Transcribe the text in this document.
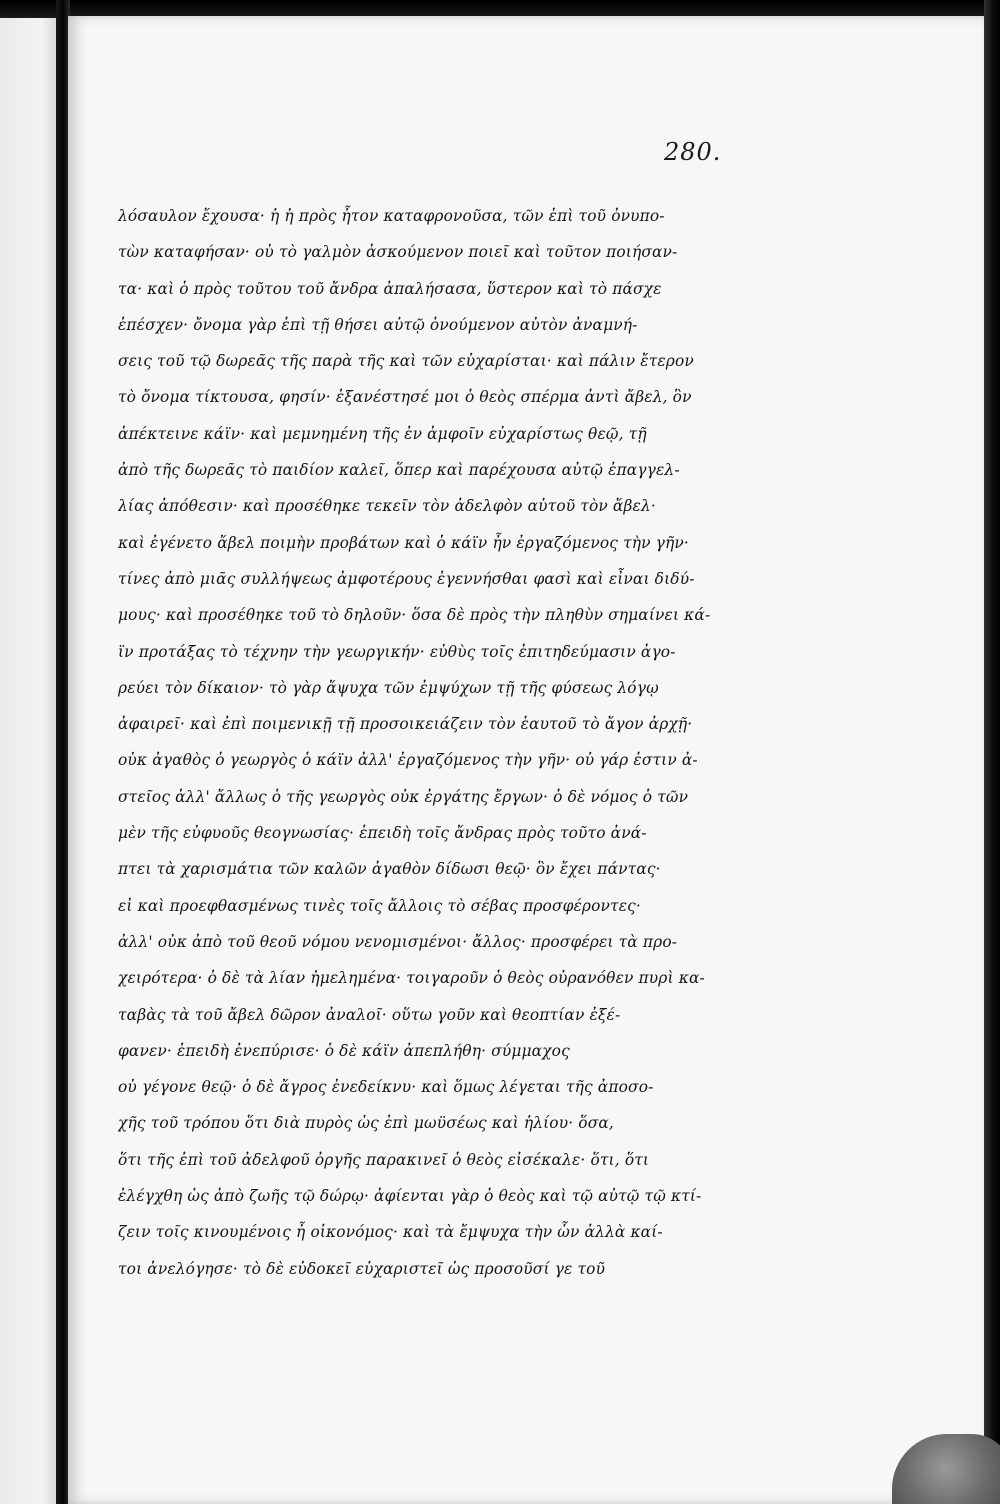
280.
λόσαυλον ἔχουσα· ἡ ἡ πρὸς ἧτον καταφρονοῦσα, τῶν ἐπὶ τοῦ ὀνυπο-
τὼν καταφήσαν· οὐ τὸ γαλμὸν ἀσκούμενον ποιεῖ καὶ τοῦτον ποιήσαν-
τα· καὶ ὁ πρὸς τοῦτου τοῦ ἄνδρα ἀπαλήσασα, ὕστερον καὶ τὸ πάσχε
ἐπέσχεν· ὄνομα γὰρ ἐπὶ τῇ θήσει αὐτῷ ὀνούμενον αὐτὸν ἀναμνή-
σεις τοῦ τῷ δωρεᾶς τῆς παρὰ τῆς καὶ τῶν εὐχαρίσται· καὶ πάλιν ἔτερον
τὸ ὄνομα τίκτουσα, φησίν· ἐξανέστησέ μοι ὁ θεὸς σπέρμα ἀντὶ ἄβελ, ὃν
ἀπέκτεινε κάϊν· καὶ μεμνημένη τῆς ἐν ἀμφοῖν εὐχαρίστως θεῷ, τῇ
ἀπὸ τῆς δωρεᾶς τὸ παιδίον καλεῖ, ὅπερ καὶ παρέχουσα αὐτῷ ἐπαγγελ-
λίας ἀπόθεσιν· καὶ προσέθηκε τεκεῖν τὸν ἀδελφὸν αὐτοῦ τὸν ἄβελ·
καὶ ἐγένετο ἄβελ ποιμὴν προβάτων καὶ ὁ κάϊν ἦν ἐργαζόμενος τὴν γῆν·
τίνες ἀπὸ μιᾶς συλλήψεως ἀμφοτέρους ἐγεννήσθαι φασὶ καὶ εἶναι διδύ-
μους· καὶ προσέθηκε τοῦ τὸ δηλοῦν· ὅσα δὲ πρὸς τὴν πληθὺν σημαίνει κά-
ϊν προτάξας τὸ τέχνην τὴν γεωργικήν· εὐθὺς τοῖς ἐπιτηδεύμασιν ἀγο-
ρεύει τὸν δίκαιον· τὸ γὰρ ἄψυχα τῶν ἐμψύχων τῇ τῆς φύσεως λόγῳ
ἀφαιρεῖ· καὶ ἐπὶ ποιμενικῇ τῇ προσοικειάζειν τὸν ἑαυτοῦ τὸ ἄγον ἀρχῇ·
οὐκ ἀγαθὸς ὁ γεωργὸς ὁ κάϊν ἀλλ' ἐργαζόμενος τὴν γῆν· οὐ γάρ ἐστιν ἀ-
στεῖος ἀλλ' ἄλλως ὁ τῆς γεωργὸς οὐκ ἐργάτης ἔργων· ὁ δὲ νόμος ὁ τῶν
μὲν τῆς εὐφυοῦς θεογνωσίας· ἐπειδὴ τοῖς ἄνδρας πρὸς τοῦτο ἀνά-
πτει τὰ χαρισμάτια τῶν καλῶν ἀγαθὸν δίδωσι θεῷ· ὃν ἔχει πάντας·
εἰ καὶ προεφθασμένως τινὲς τοῖς ἄλλοις τὸ σέβας προσφέροντες·
ἀλλ' οὐκ ἀπὸ τοῦ θεοῦ νόμου νενομισμένοι· ἄλλος· προσφέρει τὰ προ-
χειρότερα· ὁ δὲ τὰ λίαν ἠμελημένα· τοιγαροῦν ὁ θεὸς οὐρανόθεν πυρὶ κα-
ταβὰς τὰ τοῦ ἄβελ δῶρον ἀναλοῖ· οὕτω γοῦν καὶ θεοπτίαν ἐξέ-
φανεν· ἐπειδὴ ἐνεπύρισε· ὁ δὲ κάϊν ἀπεπλήθη· σύμμαχος
οὐ γέγονε θεῷ· ὁ δὲ ἄγρος ἐνεδείκνυ· καὶ ὅμως λέγεται τῆς ἀποσο-
χῆς τοῦ τρόπου ὅτι διὰ πυρὸς ὡς ἐπὶ μωϋσέως καὶ ἡλίου· ὅσα,
ὅτι τῆς ἐπὶ τοῦ ἀδελφοῦ ὀργῆς παρακινεῖ ὁ θεὸς εἰσέκαλε· ὅτι, ὅτι
ἐλέγχθη ὡς ἀπὸ ζωῆς τῷ δώρῳ· ἀφίενται γὰρ ὁ θεὸς καὶ τῷ αὐτῷ τῷ κτί-
ζειν τοῖς κινουμένοις ἦ οἰκονόμος· καὶ τὰ ἔμψυχα τὴν ὧν ἀλλὰ καί-
τοι ἀνελόγησε· τὸ δὲ εὐδοκεῖ εὐχαριστεῖ ὡς προσοῦσί γε τοῦ
